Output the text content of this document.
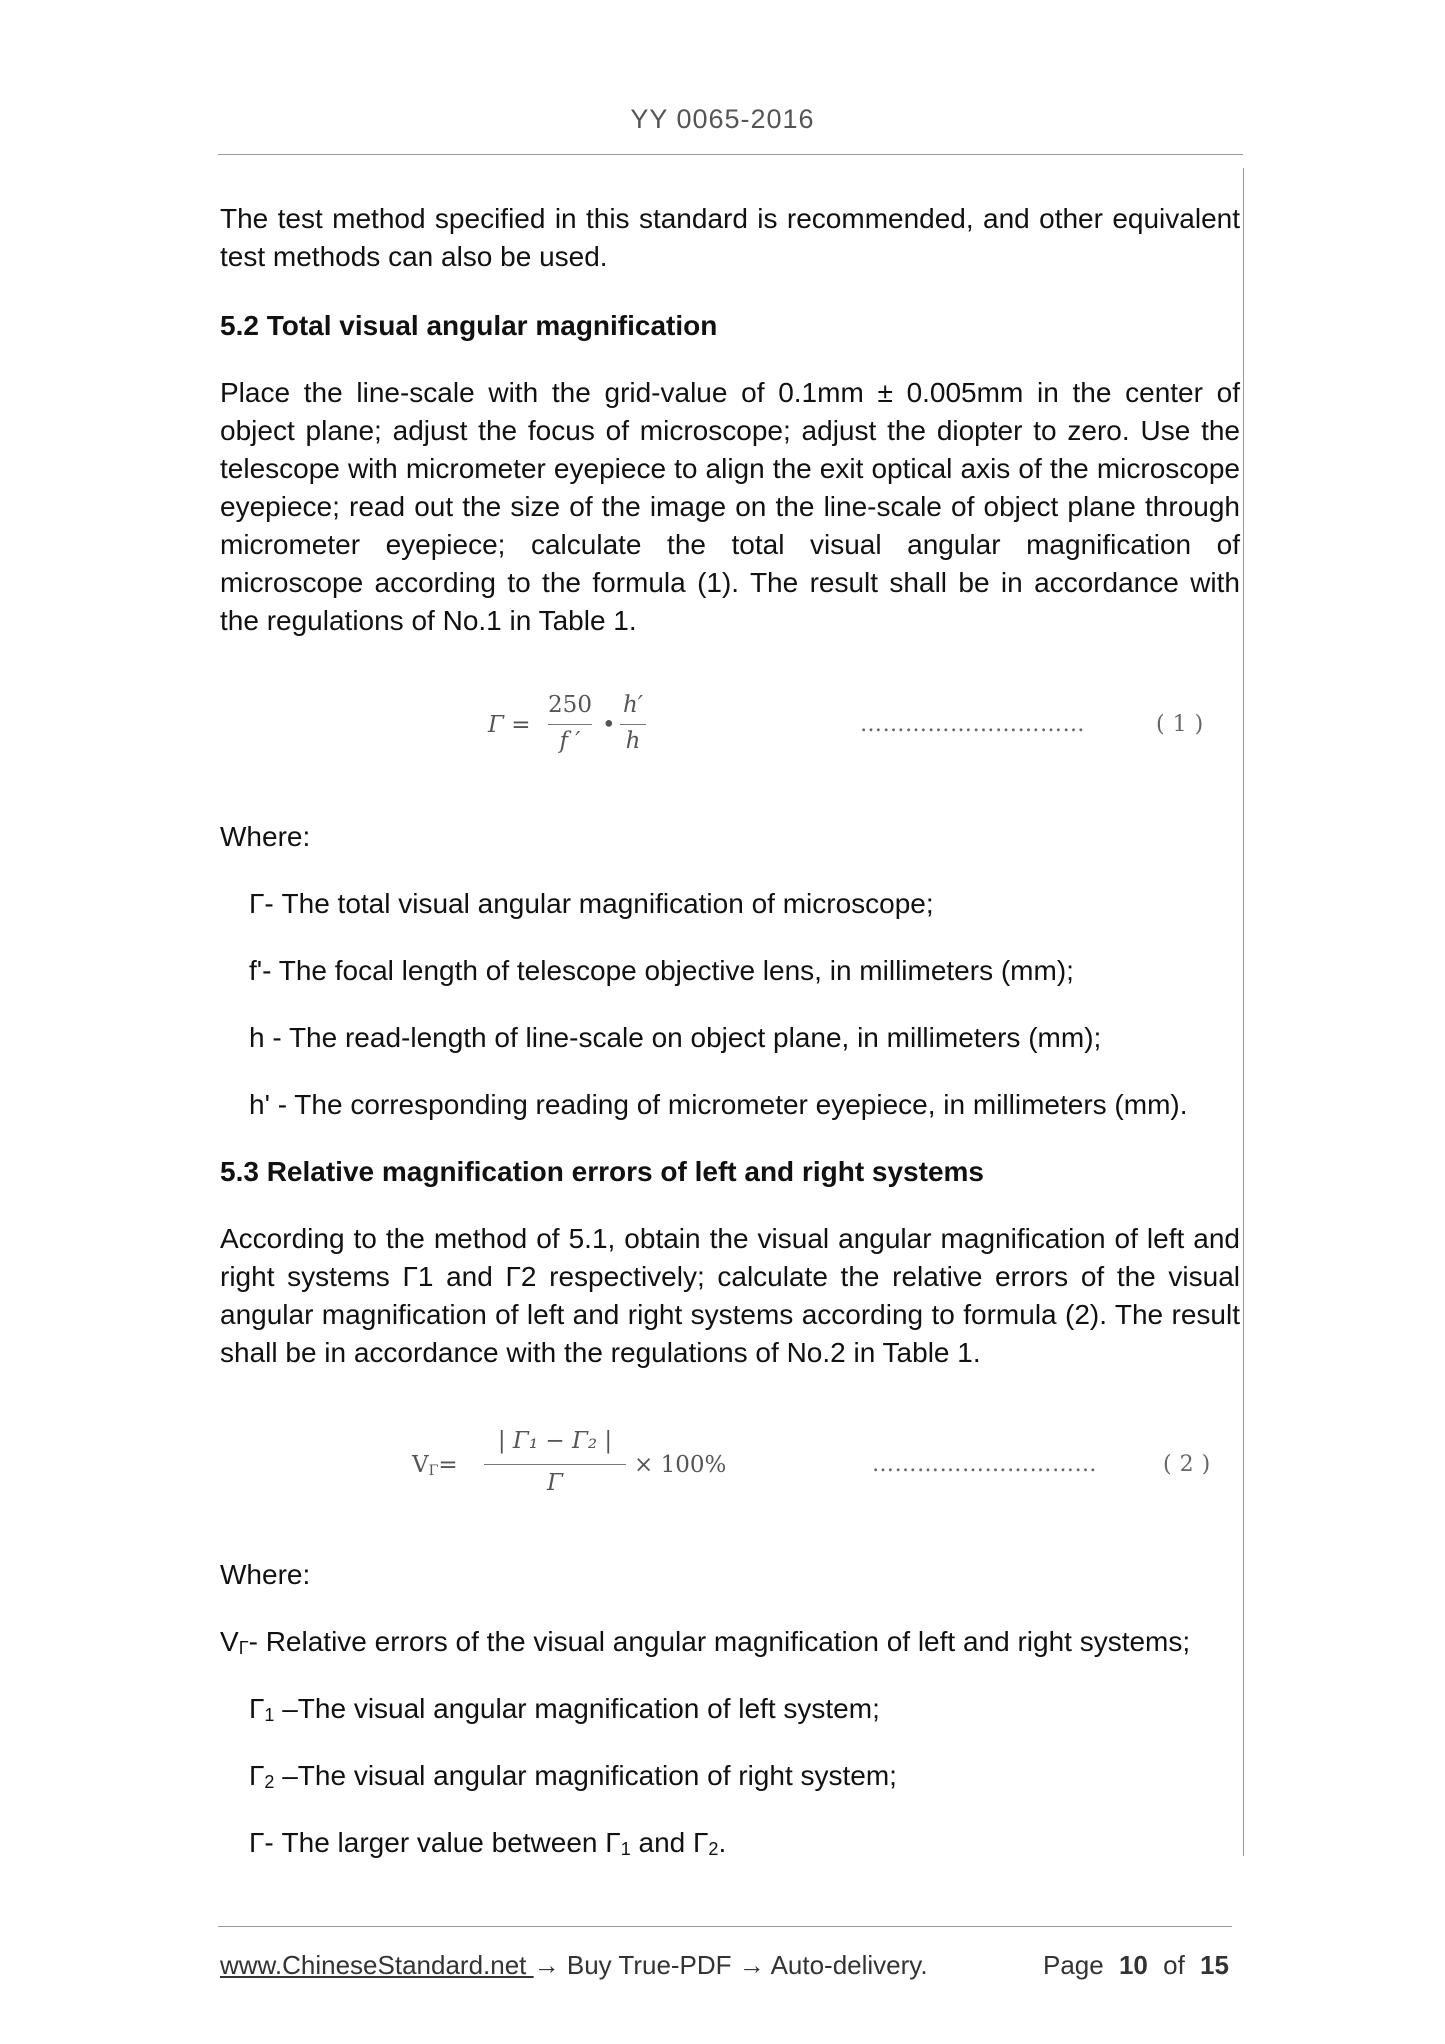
YY 0065-2016
The test method specified in this standard is recommended, and other equivalent test methods can also be used.
5.2 Total visual angular magnification
Place the line-scale with the grid-value of 0.1mm ± 0.005mm in the center of object plane; adjust the focus of microscope; adjust the diopter to zero. Use the telescope with micrometer eyepiece to align the exit optical axis of the microscope eyepiece; read out the size of the image on the line-scale of object plane through micrometer eyepiece; calculate the total visual angular magnification of microscope according to the formula (1). The result shall be in accordance with the regulations of No.1 in Table 1.
Γ =
250
f ′
•
h′
h
…………………………	( 1 )
Where:
Γ- The total visual angular magnification of microscope;
f'- The focal length of telescope objective lens, in millimeters (mm);
h - The read-length of line-scale on object plane, in millimeters (mm);
h' - The corresponding reading of micrometer eyepiece, in millimeters (mm).
5.3 Relative magnification errors of left and right systems
According to the method of 5.1, obtain the visual angular magnification of left and right systems Γ1 and Γ2 respectively; calculate the relative errors of the visual angular magnification of left and right systems according to formula (2). The result shall be in accordance with the regulations of No.2 in Table 1.
$V_\Gamma=$
| Γ₁ − Γ₂ |
Γ
× 100%	…………………………	( 2 )
Where:
$V_\Gamma-$ Relative errors of the visual angular magnification of left and right systems;
$\Gamma_1$ –The visual angular magnification of left system;
$\Gamma_2$ –The visual angular magnification of right system;
Γ- The larger value between $\Gamma_1$ and $\Gamma_2$.
www.ChineseStandard.net → Buy True-PDF → Auto-delivery.	Page 10 of 15
